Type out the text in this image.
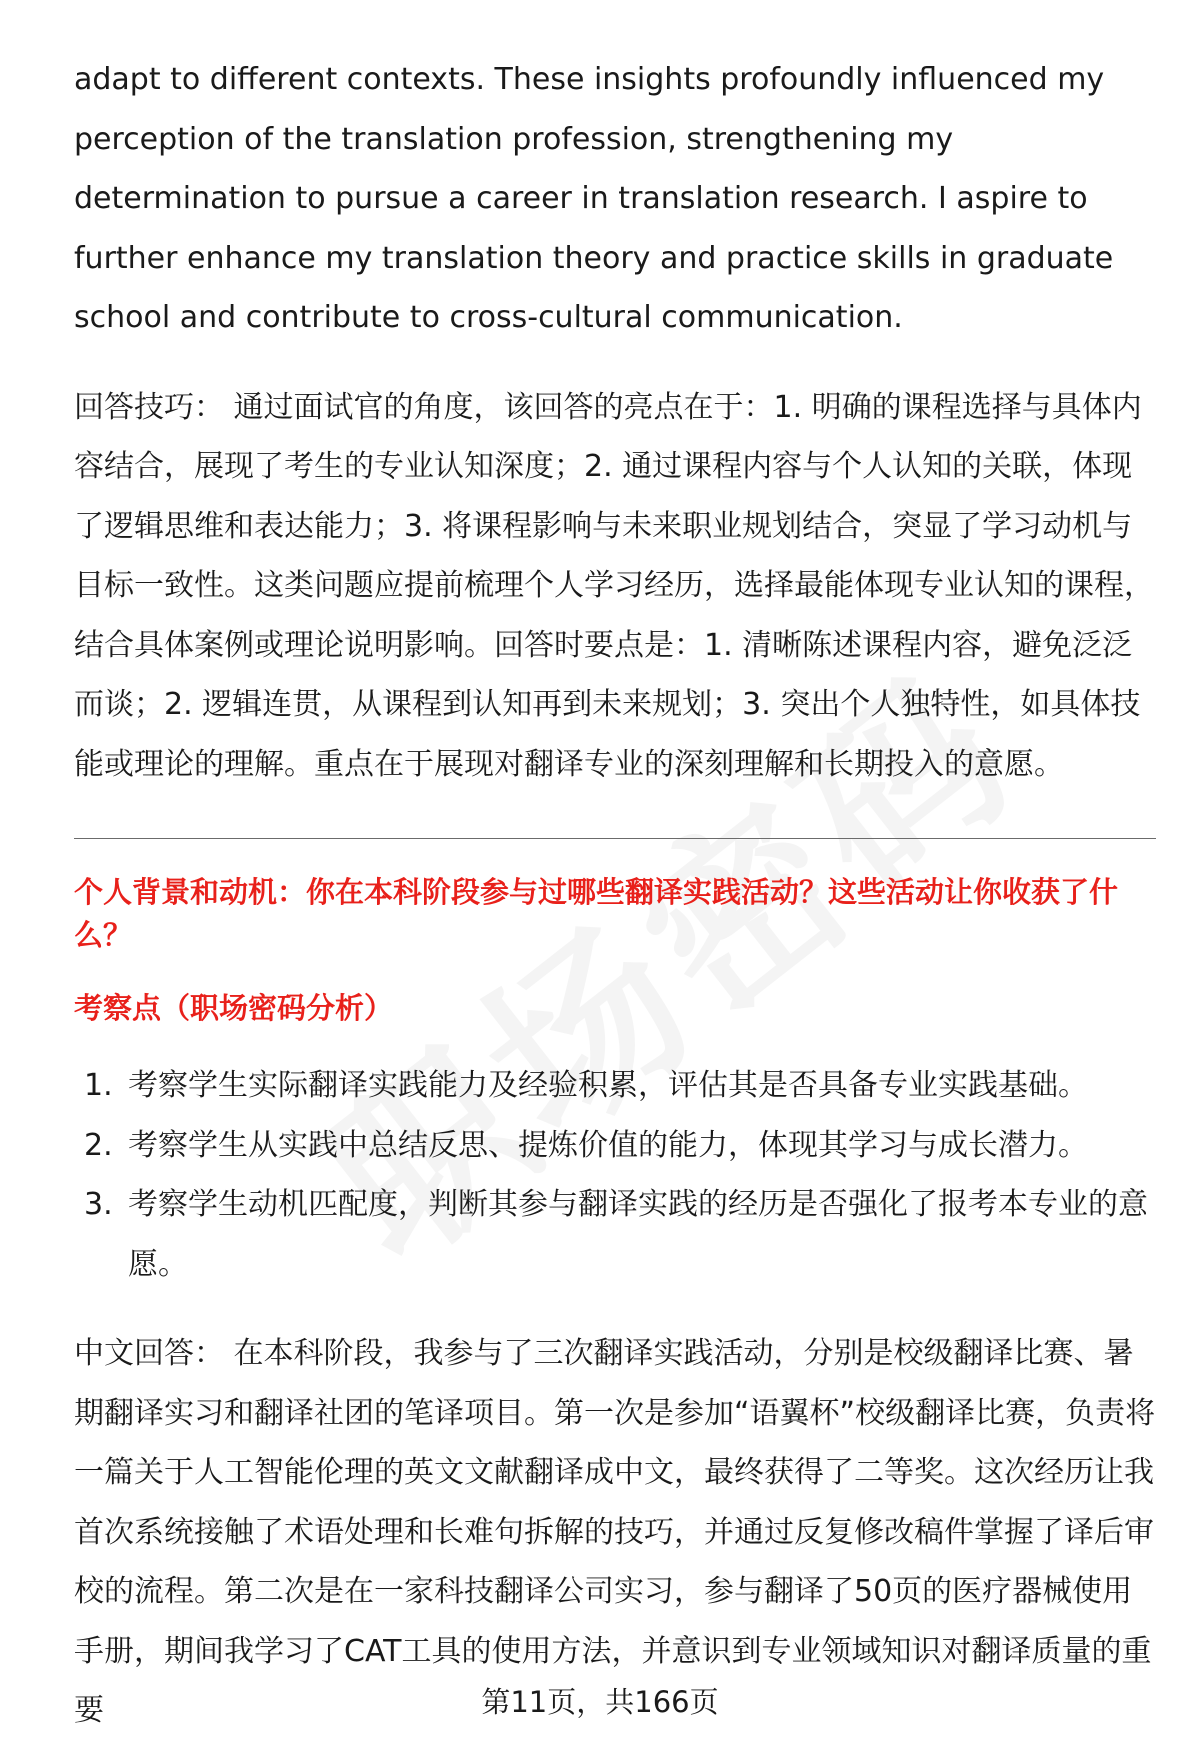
adapt to different contexts. These insights profoundly influenced my perception of the translation profession, strengthening my determination to pursue a career in translation research. I aspire to further enhance my translation theory and practice skills in graduate school and contribute to cross-cultural communication.

回答技巧： 通过面试官的角度，该回答的亮点在于：1. 明确的课程选择与具体内容结合，展现了考生的专业认知深度；2. 通过课程内容与个人认知的关联，体现了逻辑思维和表达能力；3. 将课程影响与未来职业规划结合，突显了学习动机与目标一致性。这类问题应提前梳理个人学习经历，选择最能体现专业认知的课程，结合具体案例或理论说明影响。回答时要点是：1. 清晰陈述课程内容，避免泛泛而谈；2. 逻辑连贯，从课程到认知再到未来规划；3. 突出个人独特性，如具体技能或理论的理解。重点在于展现对翻译专业的深刻理解和长期投入的意愿。

个人背景和动机：你在本科阶段参与过哪些翻译实践活动？这些活动让你收获了什么？
考察点（职场密码分析）
1. 考察学生实际翻译实践能力及经验积累，评估其是否具备专业实践基础。
2. 考察学生从实践中总结反思、提炼价值的能力，体现其学习与成长潜力。
3. 考察学生动机匹配度，判断其参与翻译实践的经历是否强化了报考本专业的意愿。

中文回答： 在本科阶段，我参与了三次翻译实践活动，分别是校级翻译比赛、暑期翻译实习和翻译社团的笔译项目。第一次是参加“语翼杯”校级翻译比赛，负责将一篇关于人工智能伦理的英文文献翻译成中文，最终获得了二等奖。这次经历让我首次系统接触了术语处理和长难句拆解的技巧，并通过反复修改稿件掌握了译后审校的流程。第二次是在一家科技翻译公司实习，参与翻译了50页的医疗器械使用手册，期间我学习了CAT工具的使用方法，并意识到专业领域知识对翻译质量的重要	第11页，共166页
